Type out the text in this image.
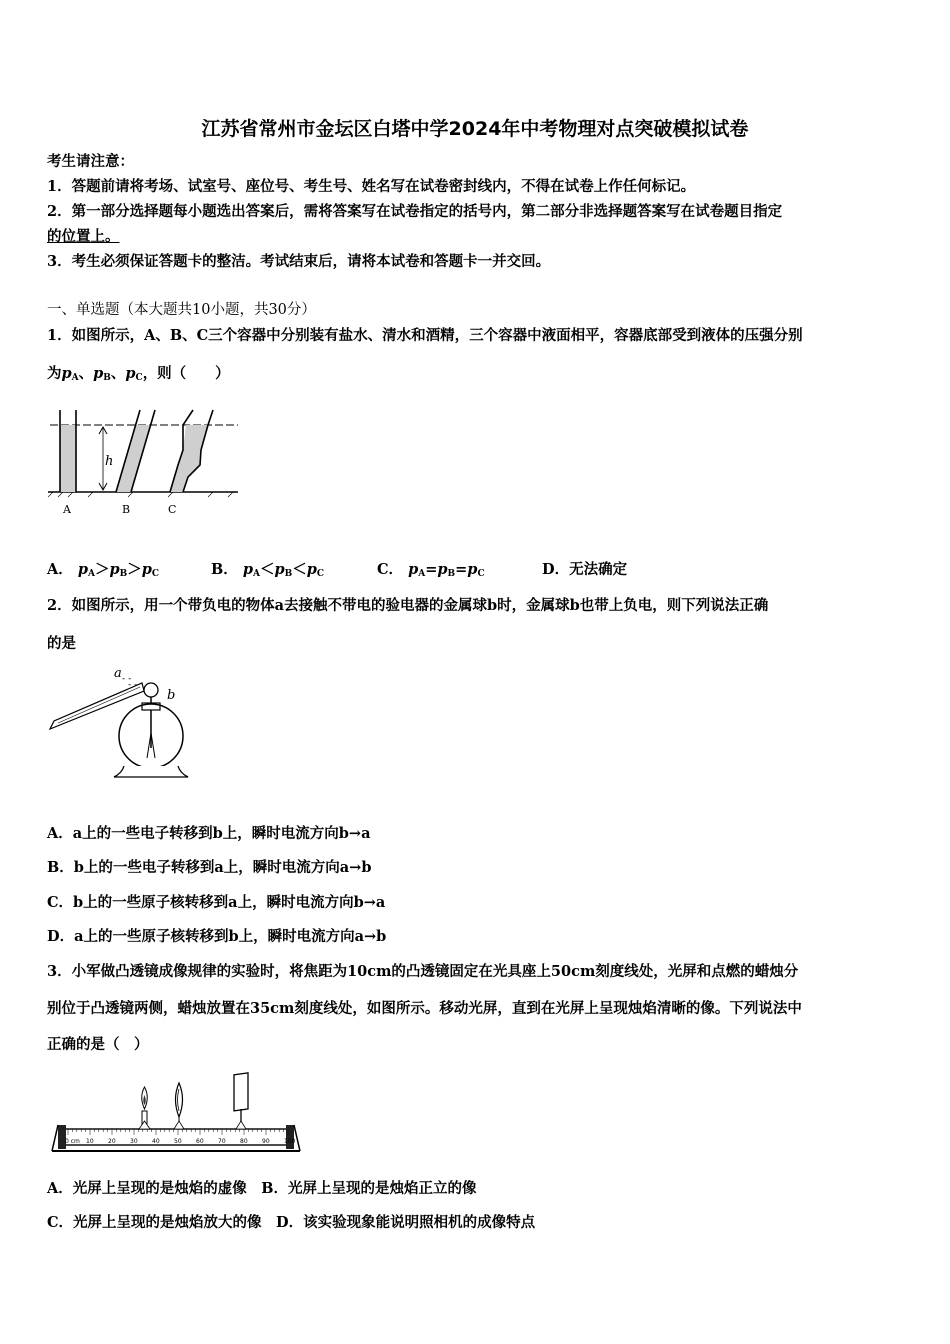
江苏省常州市金坛区白塔中学2024年中考物理对点突破模拟试卷
考生请注意：
1．答题前请将考场、试室号、座位号、考生号、姓名写在试卷密封线内，不得在试卷上作任何标记。
2．第一部分选择题每小题选出答案后，需将答案写在试卷指定的括号内，第二部分非选择题答案写在试卷题目指定
的位置上。
3．考生必须保证答题卡的整洁。考试结束后，请将本试卷和答题卡一并交回。
一、单选题（本大题共10小题，共30分）
1．如图所示，A、B、C三个容器中分别装有盐水、清水和酒精，三个容器中液面相平，容器底部受到液体的压强分别
为$p_A$、$p_B$、$p_C$，则（　　）
h
A	B	C
A． $p_A>p_B>p_C$	B． $p_A<p_B<p_C$	C． $p_A=p_B=p_C$	D．无法确定
2．如图所示，用一个带负电的物体a去接触不带电的验电器的金属球b时，金属球b也带上负电，则下列说法正确
的是
a - -
- -
b
A．a上的一些电子转移到b上，瞬时电流方向b→a
B．b上的一些电子转移到a上，瞬时电流方向a→b
C．b上的一些原子核转移到a上，瞬时电流方向b→a
D．a上的一些原子核转移到b上，瞬时电流方向a→b
3．小军做凸透镜成像规律的实验时，将焦距为10cm的凸透镜固定在光具座上50cm刻度线处，光屏和点燃的蜡烛分
别位于凸透镜两侧，蜡烛放置在35cm刻度线处，如图所示。移动光屏，直到在光屏上呈现烛焰清晰的像。下列说法中
正确的是（　）
0 cm 10 20 30 40 50 60 70 80 90 100
A．光屏上呈现的是烛焰的虚像　B．光屏上呈现的是烛焰正立的像
C．光屏上呈现的是烛焰放大的像　D．该实验现象能说明照相机的成像特点
